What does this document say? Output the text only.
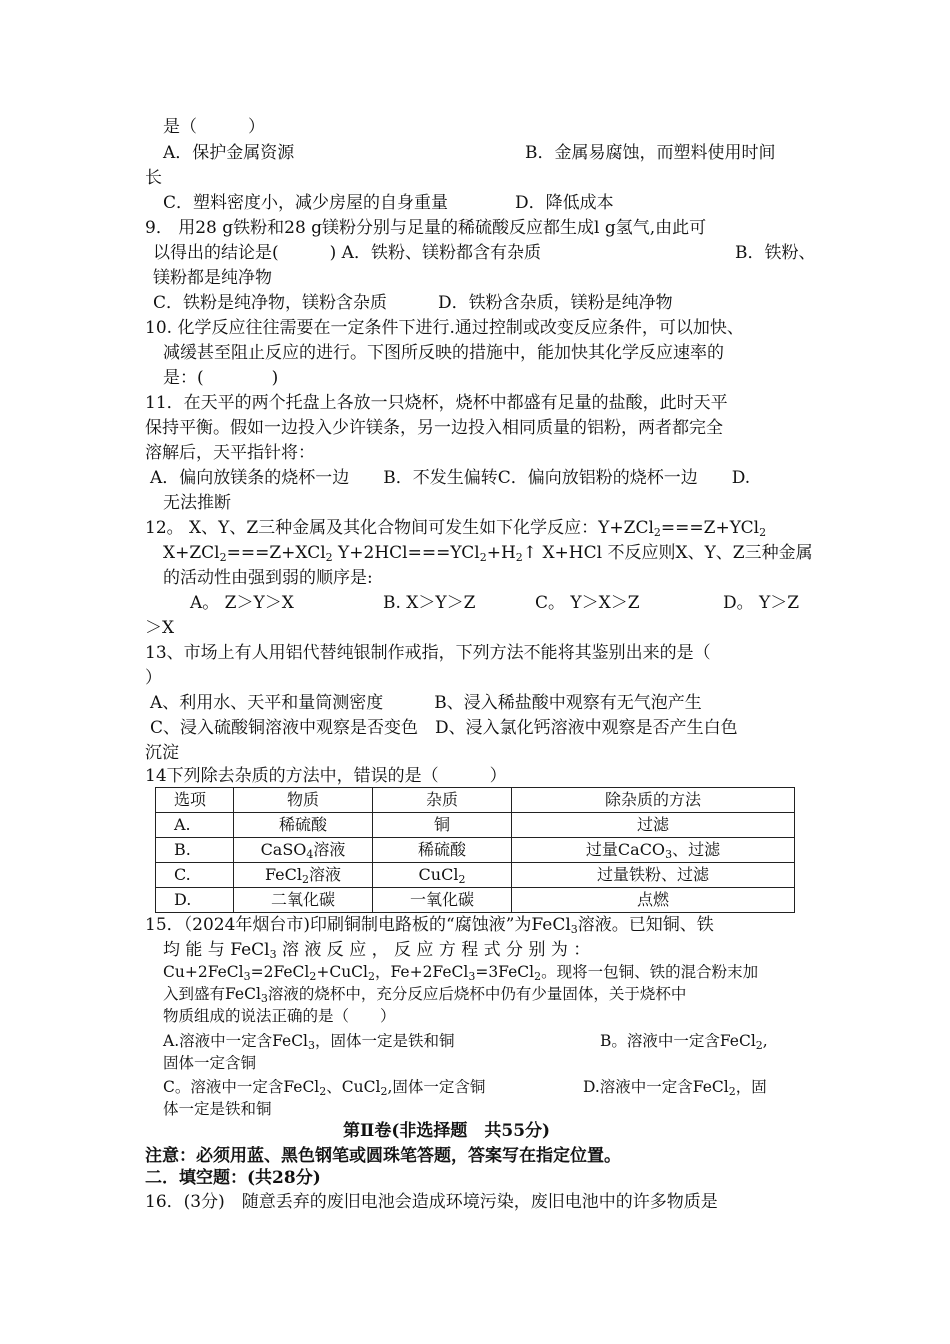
是（　　　）
A．保护金属资源	B．金属易腐蚀，而塑料使用时间
长
C．塑料密度小，减少房屋的自身重量	D．降低成本
9． 用28 g铁粉和28 g镁粉分别与足量的稀硫酸反应都生成l g氢气,由此可
以得出的结论是(　　　) A．铁粉、镁粉都含有杂质	B．铁粉、
镁粉都是纯净物
C．铁粉是纯净物，镁粉含杂质　　　D．铁粉含杂质，镁粉是纯净物
10. 化学反应往往需要在一定条件下进行.通过控制或改变反应条件，可以加快、
减缓甚至阻止反应的进行。下图所反映的措施中，能加快其化学反应速率的
是：(　　　　)
11．在天平的两个托盘上各放一只烧杯，烧杯中都盛有足量的盐酸，此时天平
保持平衡。假如一边投入少许镁条，另一边投入相同质量的铝粉，两者都完全
溶解后，天平指针将：
A．偏向放镁条的烧杯一边　　B．不发生偏转C．偏向放铝粉的烧杯一边　　D.
无法推断
12。 X、Y、Z三种金属及其化合物间可发生如下化学反应：Y+ZCl$_2$===Z+YCl$_2$
X+ZCl$_2$===Z+XCl$_2$ $Y+2HCl===YCl_2+H_2↑$ X+HCl 不反应则X、Y、Z三种金属
的活动性由强到弱的顺序是:
A。 Z＞Y＞X	B. X＞Y＞Z	C。 Y＞X＞Z	D。 Y＞Z
＞X
13、市场上有人用铝代替纯银制作戒指，下列方法不能将其鉴别出来的是（
）
A、利用水、天平和量筒测密度　　　B、浸入稀盐酸中观察有无气泡产生
C、浸入硫酸铜溶液中观察是否变色　D、浸入氯化钙溶液中观察是否产生白色
沉淀
14下列除去杂质的方法中，错误的是（　　　）
选项	物质	杂质	除杂质的方法
A.	稀硫酸	铜	过滤
B.	CaSO$_4$溶液	稀硫酸	过量CaCO$_3$、过滤
C.	FeCl$_2$溶液	CuCl$_2$	过量铁粉、过滤
D.	二氧化碳	一氧化碳	点燃
15．（2024年烟台市)印刷铜制电路板的“腐蚀液”为FeCl$_3$溶液。已知铜、铁
均 能 与 FeCl$_3$ 溶 液 反 应 ， 反 应 方 程 式 分 别 为 ：
Cu+2FeCl$_3$=2FeCl$_2$+CuCl$_2$，Fe+2FeCl$_3$=3FeCl$_2$。现将一包铜、铁的混合粉末加
入到盛有FeCl$_3$溶液的烧杯中，充分反应后烧杯中仍有少量固体，关于烧杯中
物质组成的说法正确的是（　　）
A.溶液中一定含FeCl$_3$，固体一定是铁和铜	B。溶液中一定含FeCl$_2$,
固体一定含铜
C。溶液中一定含FeCl$_2$、CuCl$_2$,固体一定含铜	D.溶液中一定含FeCl$_2$，固
体一定是铁和铜
第Ⅱ卷(非选择题　共55分)
注意：必须用蓝、黑色钢笔或圆珠笔答题，答案写在指定位置。
二．填空题：(共28分)
16．(3分)　随意丢弃的废旧电池会造成环境污染，废旧电池中的许多物质是
